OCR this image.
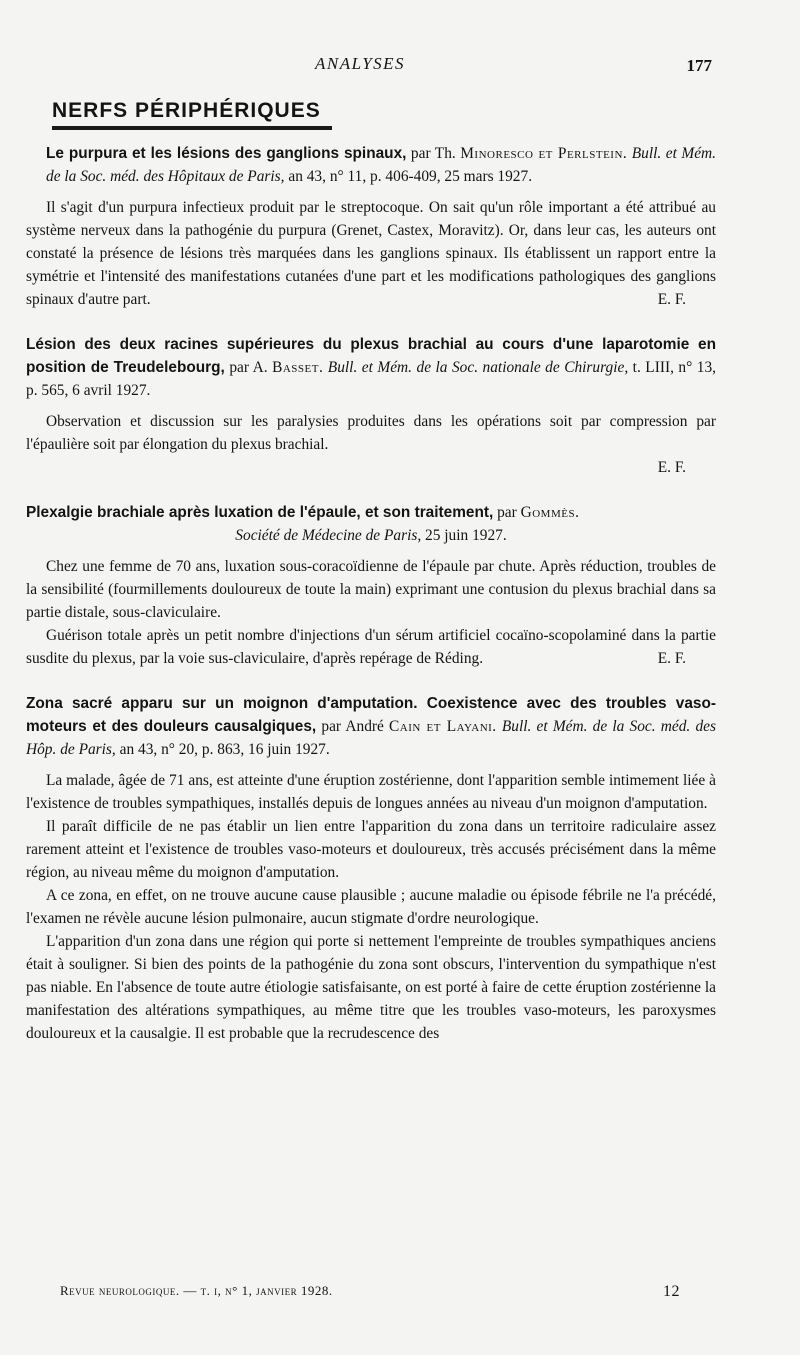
ANALYSES	177
NERFS PÉRIPHÉRIQUES

Le purpura et les lésions des ganglions spinaux, par Th. Minoresco et Perlstein. Bull. et Mém. de la Soc. méd. des Hôpitaux de Paris, an 43, n° 11, p. 406-409, 25 mars 1927.

Il s'agit d'un purpura infectieux produit par le streptocoque. On sait qu'un rôle important a été attribué au système nerveux dans la pathogénie du purpura (Grenet, Castex, Moravitz). Or, dans leur cas, les auteurs ont constaté la présence de lésions très marquées dans les ganglions spinaux. Ils établissent un rapport entre la symétrie et l'intensité des manifestations cutanées d'une part et les modifications pathologiques des ganglions spinaux d'autre part.	E. F.

Lésion des deux racines supérieures du plexus brachial au cours d'une laparotomie en position de Treudelebourg, par A. Basset. Bull. et Mém. de la Soc. nationale de Chirurgie, t. LIII, n° 13, p. 565, 6 avril 1927.

Observation et discussion sur les paralysies produites dans les opérations soit par compression par l'épaulière soit par élongation du plexus brachial.

E. F.

Plexalgie brachiale après luxation de l'épaule, et son traitement, par Gommès.
Société de Médecine de Paris, 25 juin 1927.

Chez une femme de 70 ans, luxation sous-coracoïdienne de l'épaule par chute. Après réduction, troubles de la sensibilité (fourmillements douloureux de toute la main) exprimant une contusion du plexus brachial dans sa partie distale, sous-claviculaire.

Guérison totale après un petit nombre d'injections d'un sérum artificiel cocaïno-scopolaminé dans la partie susdite du plexus, par la voie sus-claviculaire, d'après repérage de Réding.	E. F.

Zona sacré apparu sur un moignon d'amputation. Coexistence avec des troubles vaso-moteurs et des douleurs causalgiques, par André Cain et Layani. Bull. et Mém. de la Soc. méd. des Hôp. de Paris, an 43, n° 20, p. 863, 16 juin 1927.

La malade, âgée de 71 ans, est atteinte d'une éruption zostérienne, dont l'apparition semble intimement liée à l'existence de troubles sympathiques, installés depuis de longues années au niveau d'un moignon d'amputation.

Il paraît difficile de ne pas établir un lien entre l'apparition du zona dans un territoire radiculaire assez rarement atteint et l'existence de troubles vaso-moteurs et douloureux, très accusés précisément dans la même région, au niveau même du moignon d'amputation.

A ce zona, en effet, on ne trouve aucune cause plausible ; aucune maladie ou épisode fébrile ne l'a précédé, l'examen ne révèle aucune lésion pulmonaire, aucun stigmate d'ordre neurologique.

L'apparition d'un zona dans une région qui porte si nettement l'empreinte de troubles sympathiques anciens était à souligner. Si bien des points de la pathogénie du zona sont obscurs, l'intervention du sympathique n'est pas niable. En l'absence de toute autre étiologie satisfaisante, on est porté à faire de cette éruption zostérienne la manifestation des altérations sympathiques, au même titre que les troubles vaso-moteurs, les paroxysmes douloureux et la causalgie. Il est probable que la recrudescence des

Revue neurologique. — t. i, n° 1, janvier 1928.	12
